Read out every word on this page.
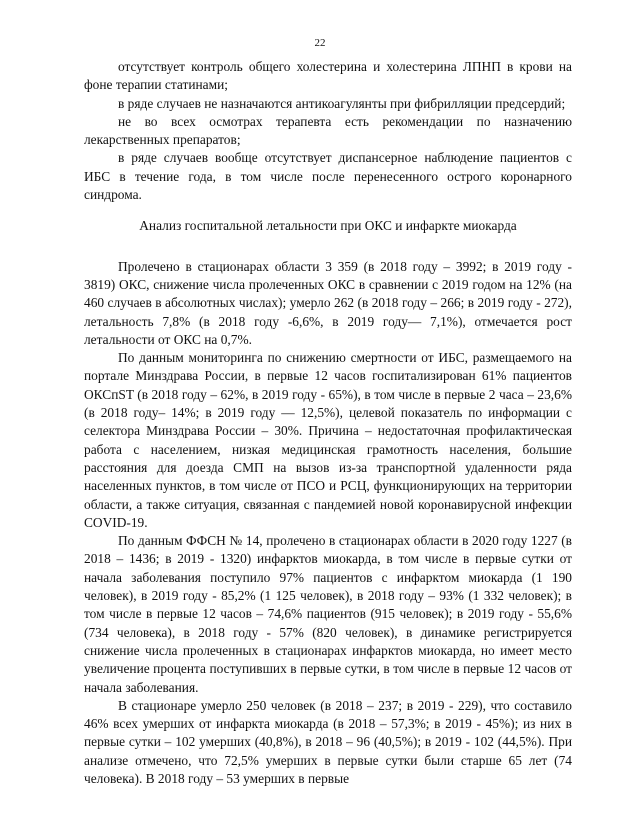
22

отсутствует контроль общего холестерина и холестерина ЛПНП в крови на фоне терапии статинами;

в ряде случаев не назначаются антикоагулянты при фибрилляции предсердий;

не во всех осмотрах терапевта есть рекомендации по назначению лекарственных препаратов;

в ряде случаев вообще отсутствует диспансерное наблюдение пациентов с ИБС в течение года, в том числе после перенесенного острого коронарного синдрома.

Анализ госпитальной летальности при ОКС и инфаркте миокарда

Пролечено в стационарах области 3 359 (в 2018 году – 3992; в 2019 году - 3819) ОКС, снижение числа пролеченных ОКС в сравнении с 2019 годом на 12% (на 460 случаев в абсолютных числах); умерло 262 (в 2018 году – 266; в 2019 году - 272), летальность 7,8% (в 2018 году -6,6%, в 2019 году— 7,1%), отмечается рост летальности от ОКС на 0,7%.

По данным мониторинга по снижению смертности от ИБС, размещаемого на портале Минздрава России, в первые 12 часов госпитализирован 61% пациентов ОКСпST (в 2018 году – 62%, в 2019 году - 65%), в том числе в первые 2 часа – 23,6% (в 2018 году– 14%; в 2019 году — 12,5%), целевой показатель по информации с селектора Минздрава России – 30%. Причина – недостаточная профилактическая работа с населением, низкая медицинская грамотность населения, большие расстояния для доезда СМП на вызов из-за транспортной удаленности ряда населенных пунктов, в том числе от ПСО и РСЦ, функционирующих на территории области, а также ситуация, связанная с пандемией новой коронавирусной инфекции COVID-19.

По данным ФФСН № 14, пролечено в стационарах области в 2020 году 1227 (в 2018 – 1436; в 2019 - 1320) инфарктов миокарда, в том числе в первые сутки от начала заболевания поступило 97% пациентов с инфарктом миокарда (1 190 человек), в 2019 году - 85,2% (1 125 человек), в 2018 году – 93% (1 332 человек); в том числе в первые 12 часов – 74,6% пациентов (915 человек); в 2019 году - 55,6% (734 человека), в 2018 году - 57% (820 человек), в динамике регистрируется снижение числа пролеченных в стационарах инфарктов миокарда, но имеет место увеличение процента поступивших в первые сутки, в том числе в первые 12 часов от начала заболевания.

В стационаре умерло 250 человек (в 2018 – 237; в 2019 - 229), что составило 46% всех умерших от инфаркта миокарда (в 2018 – 57,3%; в 2019 - 45%); из них в первые сутки – 102 умерших (40,8%), в 2018 – 96 (40,5%); в 2019 - 102 (44,5%). При анализе отмечено, что 72,5% умерших в первые сутки были старше 65 лет (74 человека). В 2018 году – 53 умерших в первые
